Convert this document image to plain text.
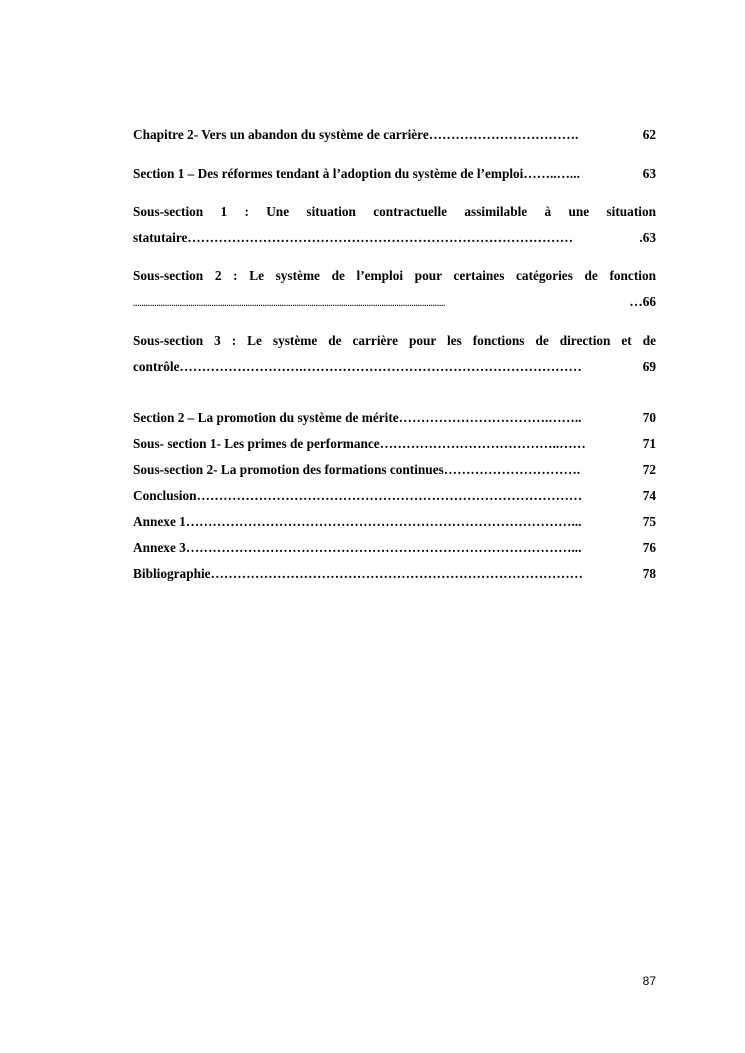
Chapitre 2- Vers un abandon du système de carrière …………………………….	62
Section 1 – Des réformes tendant à l’adoption du système de l’emploi ……..…...	63
Sous-section 1 : Une situation contractuelle assimilable à une situation
statutaire ……………………………………………………………………………	.63
Sous-section 2 : Le système de l’emploi pour certaines catégories de fonction
...................................................................................................................................................	…66
Sous-section 3 : Le système de carrière pour les fonctions de direction et de
contrôle ……………………….………………………………………………………	69
Section 2 – La promotion du système de mérite …………………………….……..	70
Sous- section 1- Les primes de performance …………………………………..……	71
Sous-section 2- La promotion des formations continues ………………………….	72
Conclusion ……………………………………………………………………………	74
Annexe 1 ……………………………………………………………………………...	75
Annexe 3 ……………………………………………………………………………...	76
Bibliographie …………………………………………………………………………	78
87
